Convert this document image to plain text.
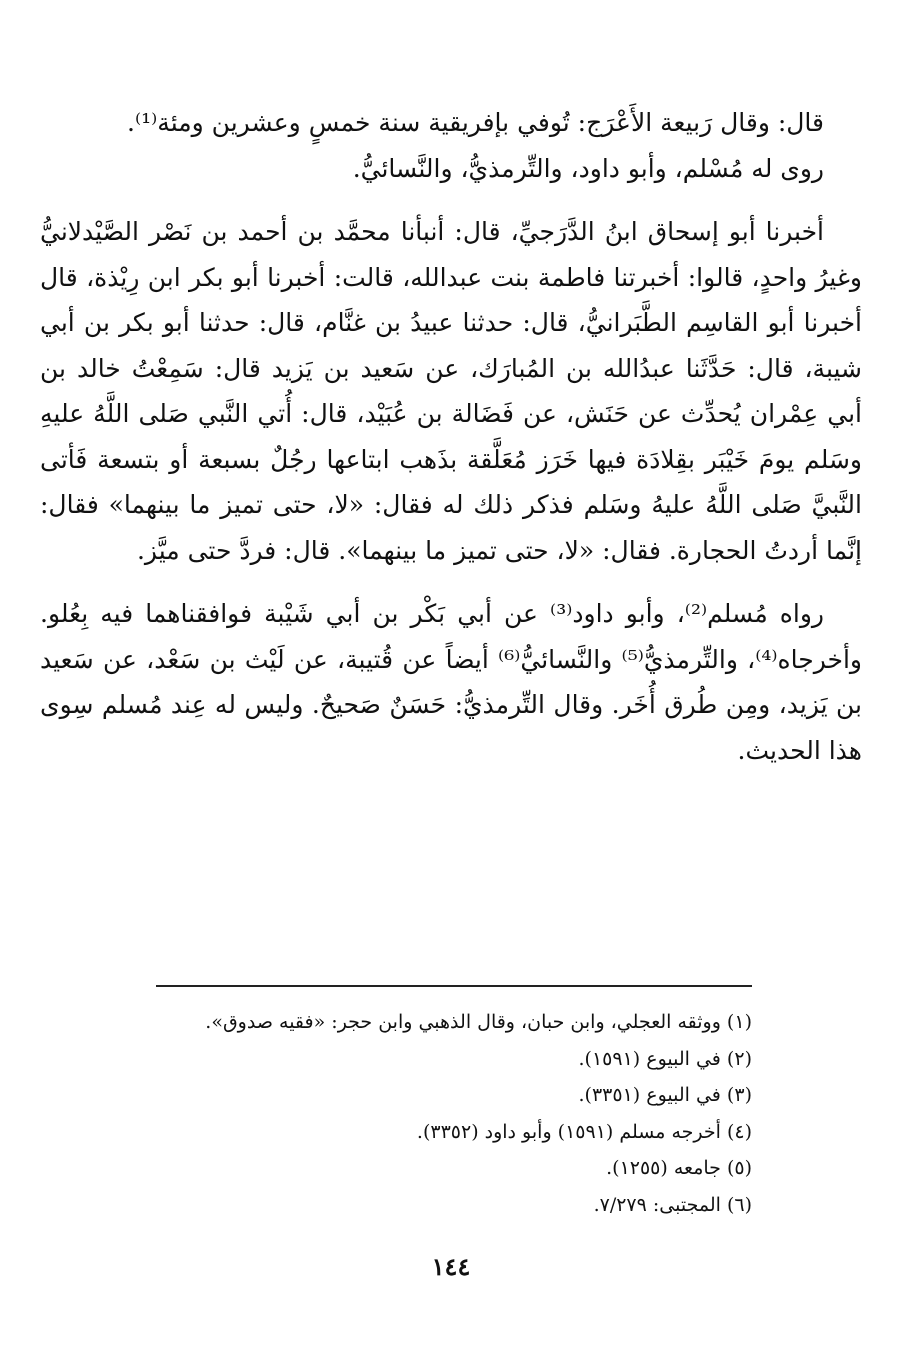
قال: وقال رَبيعة الأَعْرَج: تُوفي بإفريقية سنة خمسٍ وعشرين ومئة⁽¹⁾.

روى له مُسْلم، وأبو داود، والتِّرمذيُّ، والنَّسائيُّ.

أخبرنا أبو إسحاق ابنُ الدَّرَجيِّ، قال: أنبأنا محمَّد بن أحمد بن نَصْر الصَّيْدلانيُّ وغيرُ واحدٍ، قالوا: أخبرتنا فاطمة بنت عبدالله، قالت: أخبرنا أبو بكر ابن رِيْذة، قال أخبرنا أبو القاسِم الطَّبَرانيُّ، قال: حدثنا عبيدُ بن غنَّام، قال: حدثنا أبو بكر بن أبي شيبة، قال: حَدَّثَنا عبدُالله بن المُبارَك، عن سَعيد بن يَزيد قال: سَمِعْتُ خالد بن أبي عِمْران يُحدِّث عن حَنَش، عن فَضَالة بن عُبَيْد، قال: أُتي النَّبي صَلى اللَّهُ عليهِ وسَلم يومَ خَيْبَر بقِلادَة فيها خَرَز مُعَلَّقة بذَهب ابتاعها رجُلٌ بسبعة أو بتسعة فَأتى النَّبيَّ صَلى اللَّهُ عليهُ وسَلم فذكر ذلك له فقال: «لا، حتى تميز ما بينهما» فقال: إنَّما أردتُ الحجارة. فقال: «لا، حتى تميز ما بينهما». قال: فردَّ حتى ميَّز.

رواه مُسلم⁽²⁾، وأبو داود⁽³⁾ عن أبي بَكْر بن أبي شَيْبة فوافقناهما فيه بِعُلو. وأخرجاه⁽⁴⁾، والتِّرمذيُّ⁽⁵⁾ والنَّسائيُّ⁽⁶⁾ أيضاً عن قُتيبة، عن لَيْث بن سَعْد، عن سَعيد بن يَزيد، ومِن طُرق أُخَر. وقال التِّرمذيُّ: حَسَنٌ صَحيحٌ. وليس له عِند مُسلم سِوى هذا الحديث.

(١) ووثقه العجلي، وابن حبان، وقال الذهبي وابن حجر: «فقيه صدوق».

(٢) في البيوع (١٥٩١).

(٣) في البيوع (٣٣٥١).

(٤) أخرجه مسلم (١٥٩١) وأبو داود (٣٣٥٢).

(٥) جامعه (١٢٥٥).

(٦) المجتبى: ٧/٢٧٩.

١٤٤
